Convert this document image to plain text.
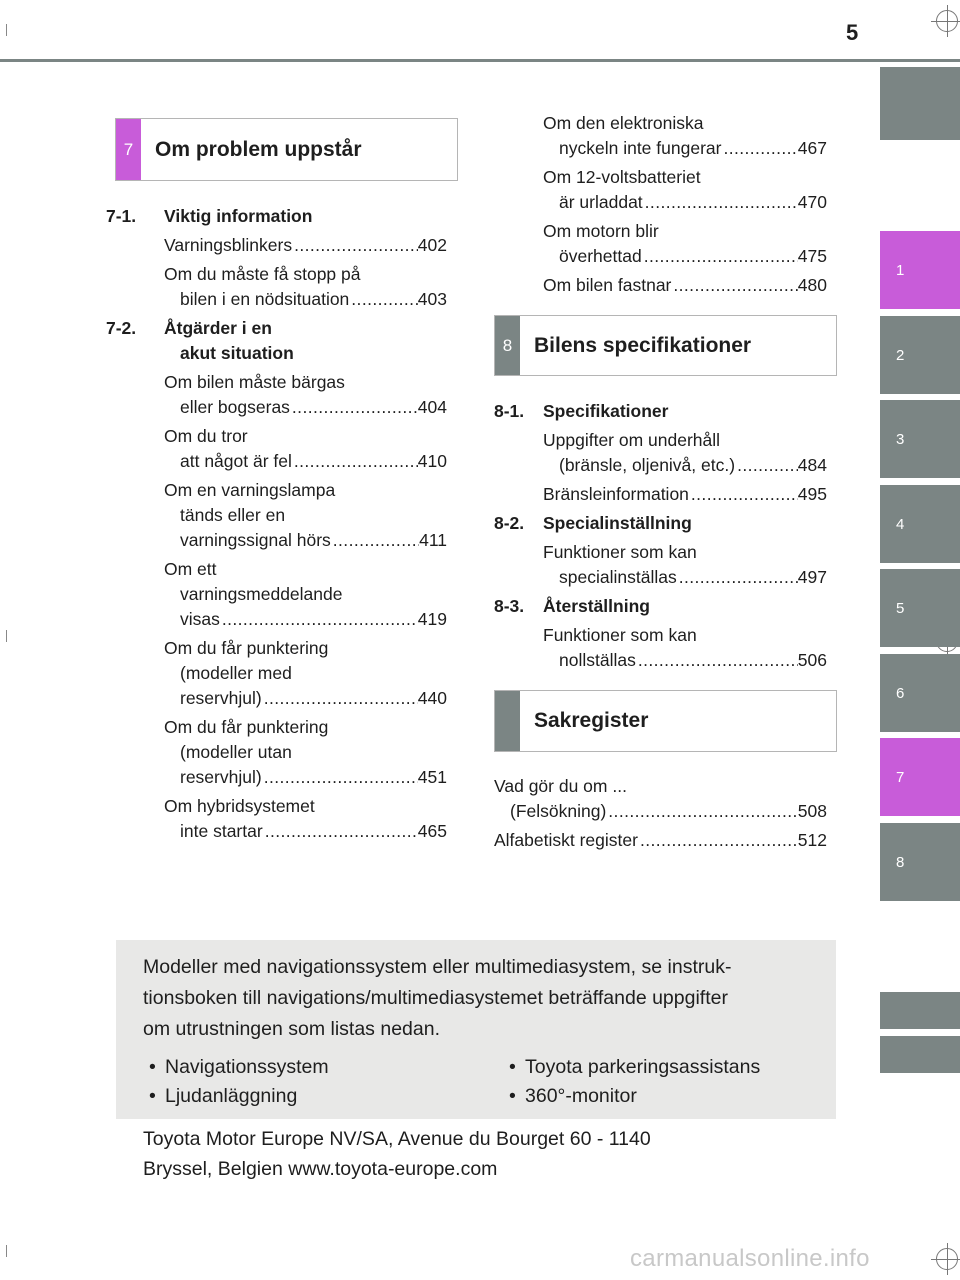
5
1
2
3
4
5
6
7
8
7	Om problem uppstår
7-1.	Viktig information
Varningsblinkers .....	402
Om du måste få stopp på
bilen i en nödsituation .....	403
7-2.	Åtgärder i en
akut situation
Om bilen måste bärgas
eller bogseras .....	404
Om du tror
att något är fel .....	410
Om en varningslampa
tänds eller en
varningssignal hörs .....	411
Om ett
varningsmeddelande
visas .....	419
Om du får punktering
(modeller med
reservhjul) .....	440
Om du får punktering
(modeller utan
reservhjul) .....	451
Om hybridsystemet
inte startar .....	465
Om den elektroniska
nyckeln inte fungerar .....	467
Om 12-voltsbatteriet
är urladdat .....	470
Om motorn blir
överhettad .....	475
Om bilen fastnar .....	480
8	Bilens specifikationer
8-1.	Specifikationer
Uppgifter om underhåll
(bränsle, oljenivå, etc.) .....	484
Bränsleinformation .....	495
8-2.	Specialinställning
Funktioner som kan
specialinställas .....	497
8-3.	Återställning
Funktioner som kan
nollställas .....	506
Sakregister
Vad gör du om ...
(Felsökning) .....	508
Alfabetiskt register .....	512
Modeller med navigationssystem eller multimediasystem, se instruk-
tionsboken till navigations/multimediasystemet beträffande uppgifter
om utrustningen som listas nedan.
• Navigationssystem	• Toyota parkeringsassistans
• Ljudanläggning	• 360°-monitor
Toyota Motor Europe NV/SA, Avenue du Bourget 60 - 1140
Bryssel, Belgien www.toyota-europe.com
carmanualsonline.info
